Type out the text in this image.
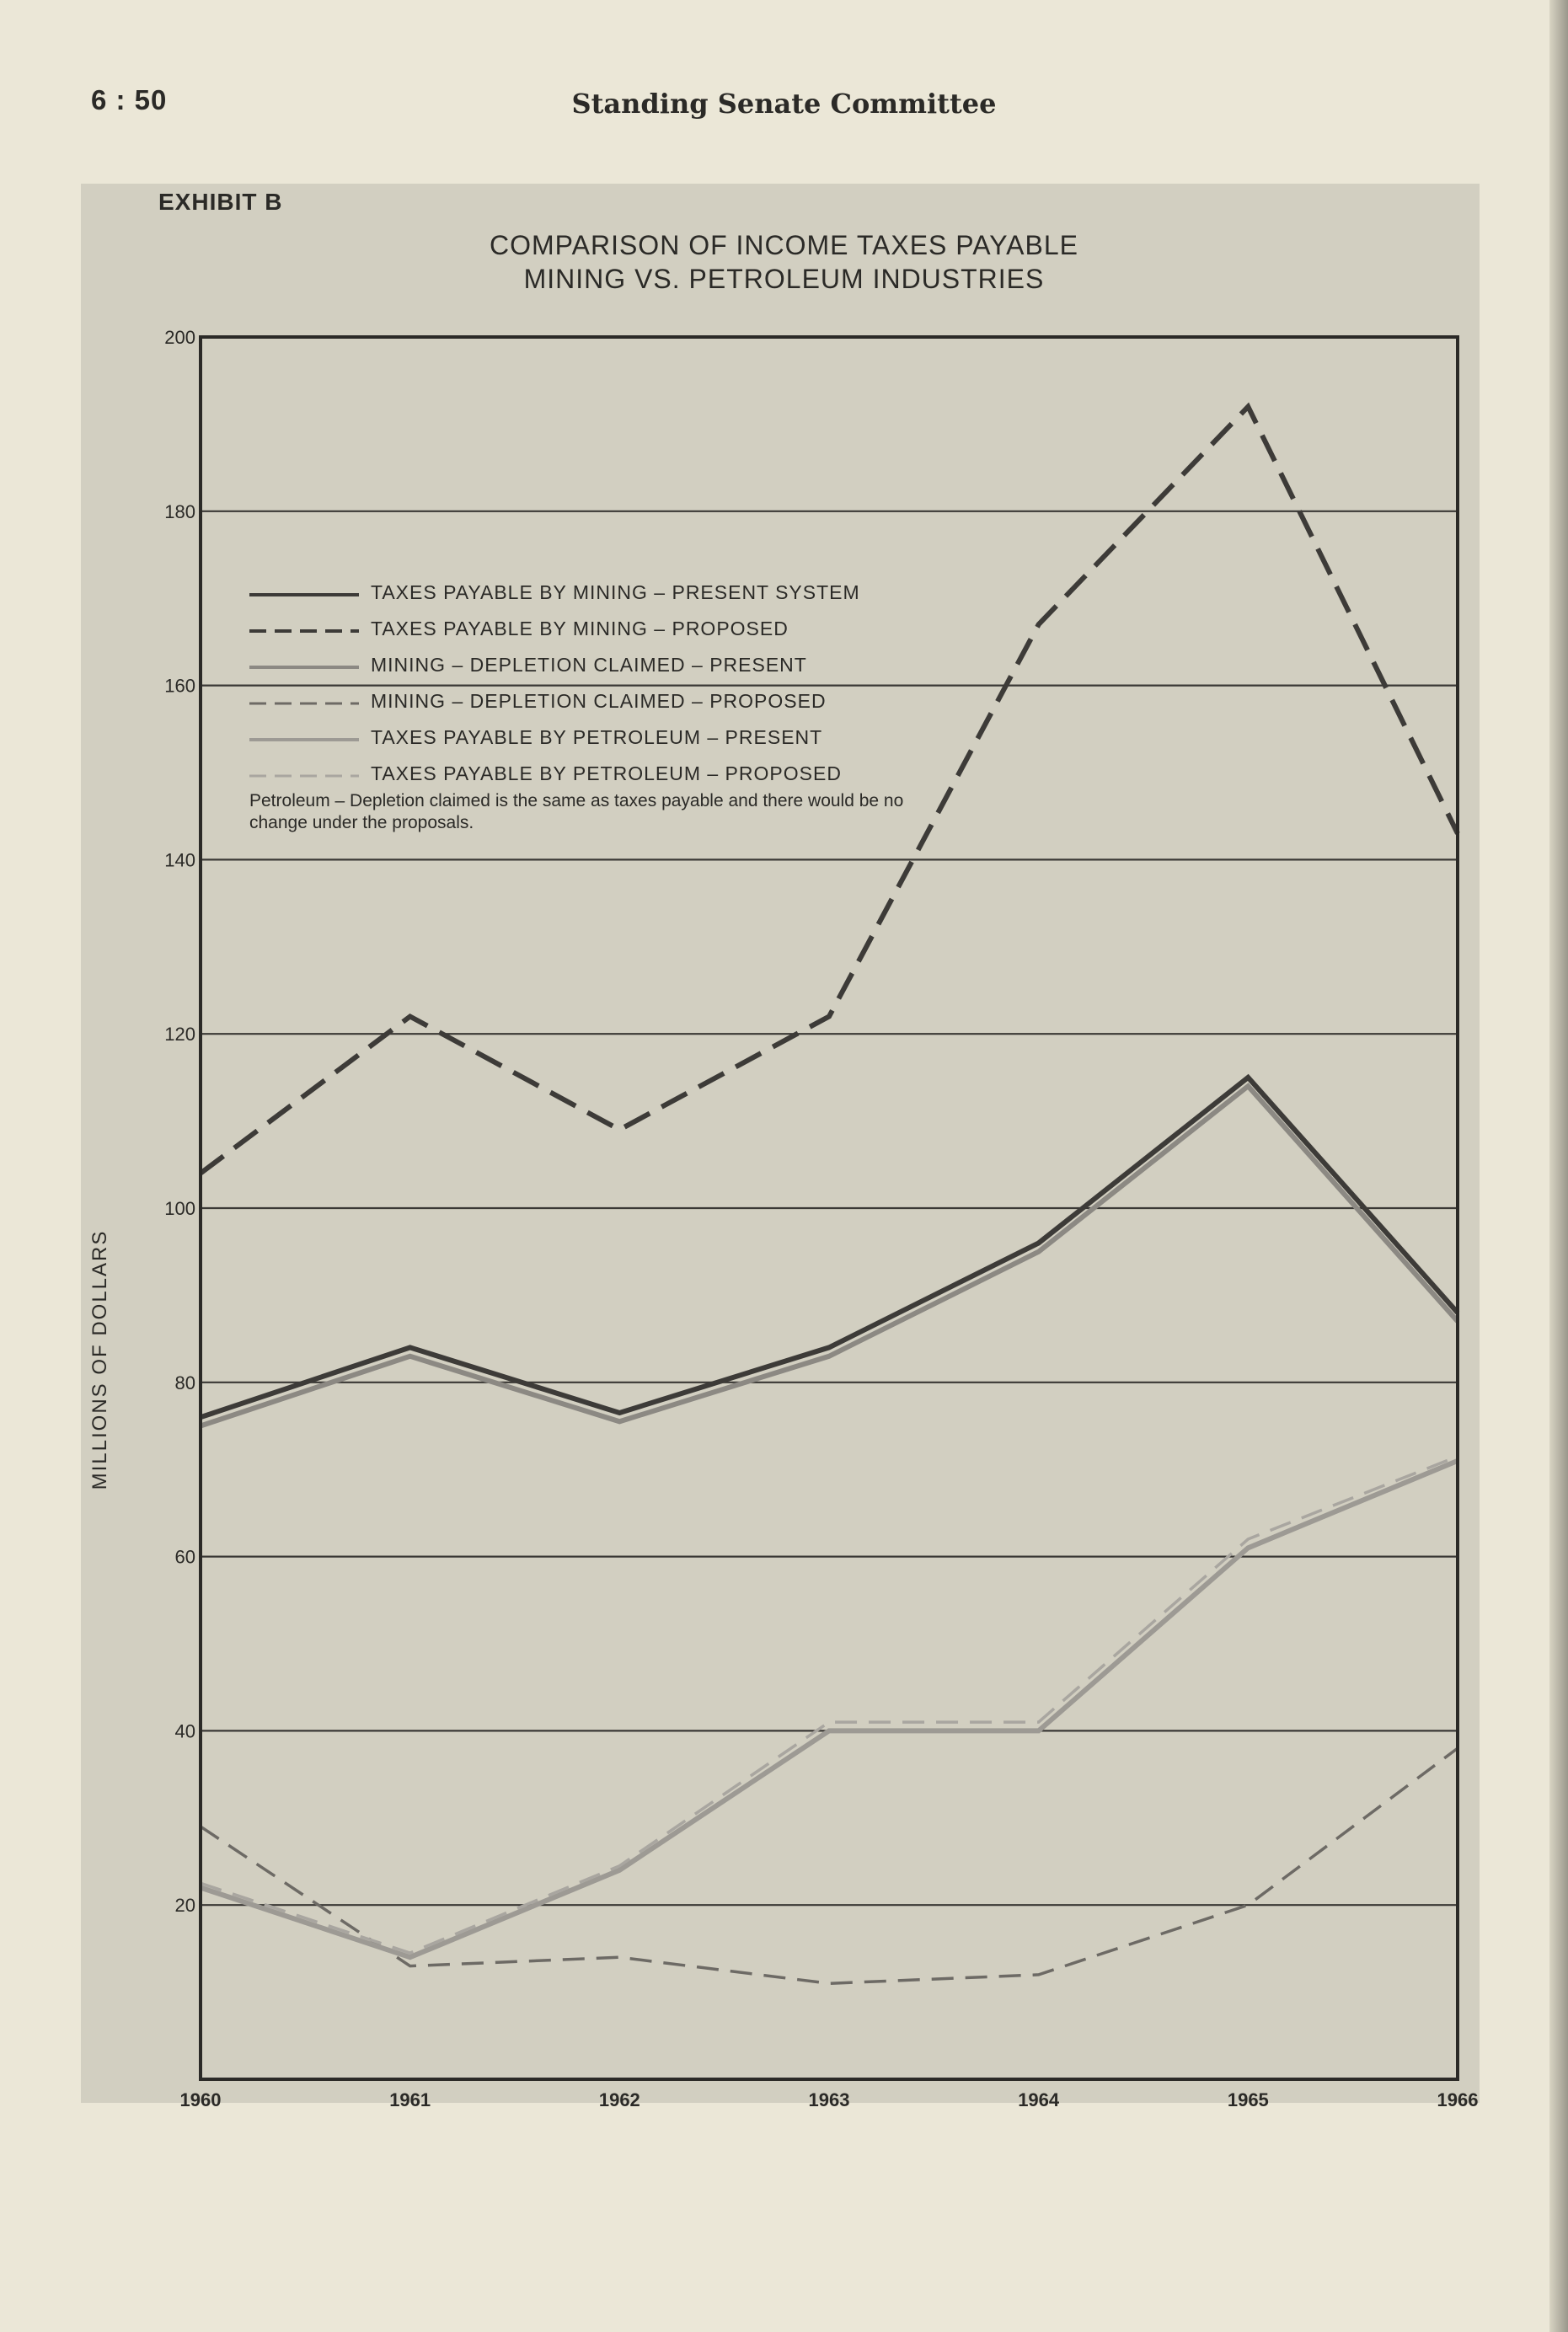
6 : 50	Standing Senate Committee
EXHIBIT B
COMPARISON OF INCOME TAXES PAYABLE
MINING VS. PETROLEUM INDUSTRIES
20
40
60
80
100
120
140
160
180
200
1960	1961	1962	1963	1964	1965	1966
MILLIONS OF DOLLARS
TAXES PAYABLE BY MINING – PRESENT SYSTEM
TAXES PAYABLE BY MINING – PROPOSED
MINING – DEPLETION CLAIMED – PRESENT
MINING – DEPLETION CLAIMED – PROPOSED
TAXES PAYABLE BY PETROLEUM – PRESENT
TAXES PAYABLE BY PETROLEUM – PROPOSED
Petroleum – Depletion claimed is the same as taxes payable and there would be no change under the proposals.
